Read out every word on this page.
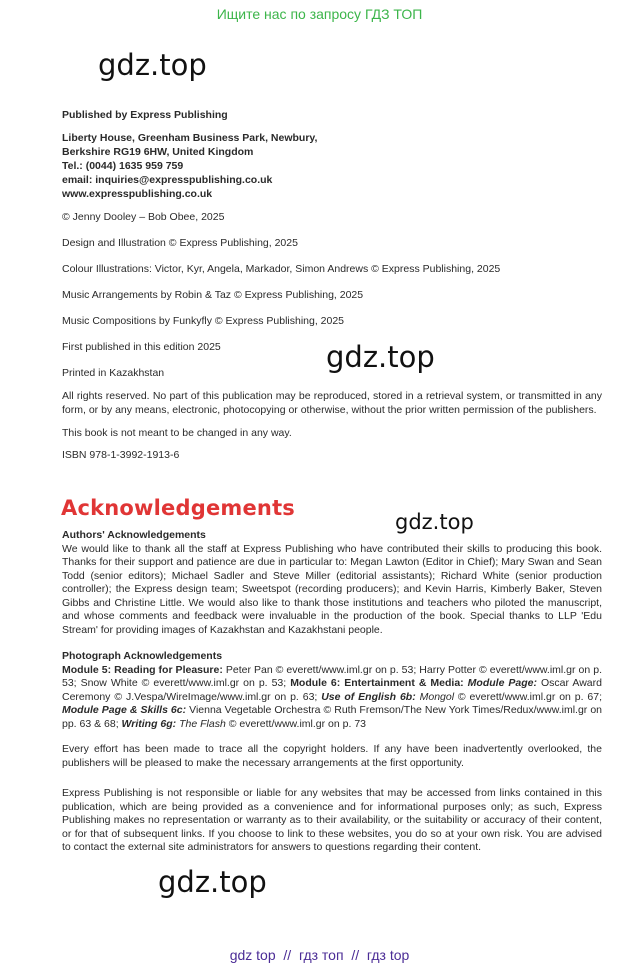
Ищите нас по запросу ГДЗ ТОП
gdz.top
gdz.top
gdz.top
gdz.top
Published by Express Publishing
Liberty House, Greenham Business Park, Newbury,
Berkshire RG19 6HW, United Kingdom
Tel.: (0044) 1635 959 759
email: inquiries@expresspublishing.co.uk
www.expresspublishing.co.uk
© Jenny Dooley – Bob Obee, 2025
Design and Illustration © Express Publishing, 2025
Colour Illustrations: Victor, Kyr, Angela, Markador, Simon Andrews © Express Publishing, 2025
Music Arrangements by Robin & Taz © Express Publishing, 2025
Music Compositions by Funkyfly © Express Publishing, 2025
First published in this edition 2025
Printed in Kazakhstan
All rights reserved. No part of this publication may be reproduced, stored in a retrieval system, or transmitted in any form, or by any means, electronic, photocopying or otherwise, without the prior written permission of the publishers.
This book is not meant to be changed in any way.
ISBN 978-1-3992-1913-6
Acknowledgements
Authors' Acknowledgements
We would like to thank all the staff at Express Publishing who have contributed their skills to producing this book. Thanks for their support and patience are due in particular to: Megan Lawton (Editor in Chief); Mary Swan and Sean Todd (senior editors); Michael Sadler and Steve Miller (editorial assistants); Richard White (senior production controller); the Express design team; Sweetspot (recording producers); and Kevin Harris, Kimberly Baker, Steven Gibbs and Christine Little. We would also like to thank those institutions and teachers who piloted the manuscript, and whose comments and feedback were invaluable in the production of the book. Special thanks to LLP 'Edu Stream' for providing images of Kazakhstan and Kazakhstani people.
Photograph Acknowledgements
Module 5: Reading for Pleasure: Peter Pan © everett/www.iml.gr on p. 53; Harry Potter © everett/www.iml.gr on p. 53; Snow White © everett/www.iml.gr on p. 53; Module 6: Entertainment & Media: Module Page: Oscar Award Ceremony © J.Vespa/WireImage/www.iml.gr on p. 63; Use of English 6b: Mongol © everett/www.iml.gr on p. 67; Module Page & Skills 6c: Vienna Vegetable Orchestra © Ruth Fremson/The New York Times/Redux/www.iml.gr on pp. 63 & 68; Writing 6g: The Flash © everett/www.iml.gr on p. 73
Every effort has been made to trace all the copyright holders. If any have been inadvertently overlooked, the publishers will be pleased to make the necessary arrangements at the first opportunity.
Express Publishing is not responsible or liable for any websites that may be accessed from links contained in this publication, which are being provided as a convenience and for informational purposes only; as such, Express Publishing makes no representation or warranty as to their availability, or the suitability or accuracy of their content, or for that of subsequent links. If you choose to link to these websites, you do so at your own risk. You are advised to contact the external site administrators for answers to questions regarding their content.
gdz top // гдз топ // гдз top
